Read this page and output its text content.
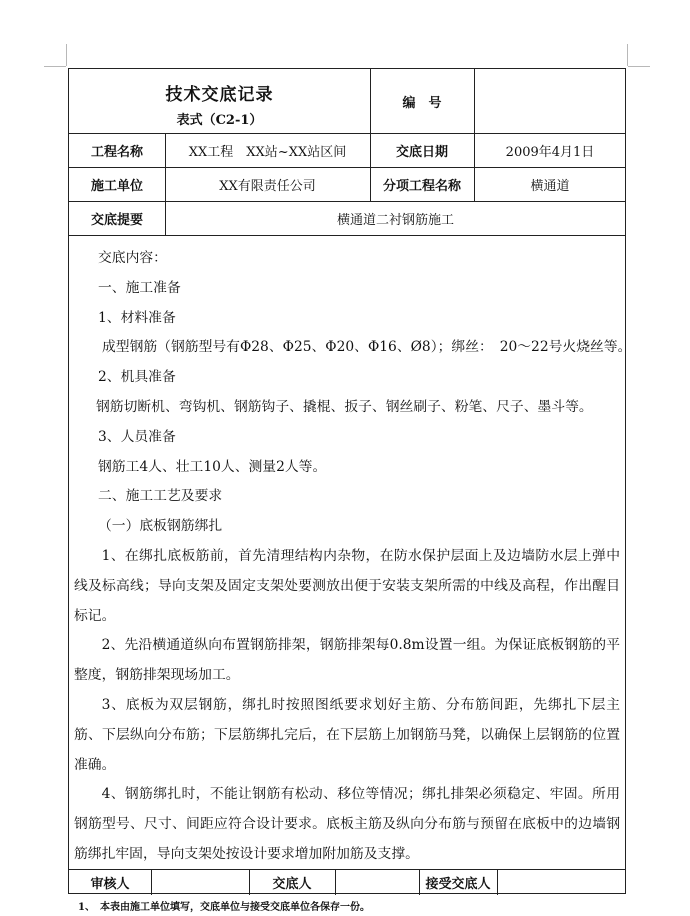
技术交底记录
表式（C2-1）
编　号
工程名称	XX工程　XX站~XX站区间	交底日期	2009年4月1日
施工单位	XX有限责任公司	分项工程名称	横通道
交底提要	横通道二衬钢筋施工
审核人	交底人	接受交底人

交底内容：

一、施工准备

1、材料准备

成型钢筋（钢筋型号有Φ28、Φ25、Φ20、Φ16、Ø8）；绑丝：　20～22号火烧丝等。

2、机具准备

钢筋切断机、弯钩机、钢筋钩子、撬棍、扳子、钢丝刷子、粉笔、尺子、墨斗等。

3、人员准备

钢筋工4人、壮工10人、测量2人等。

二、施工工艺及要求

（一）底板钢筋绑扎

1、在绑扎底板筋前，首先清理结构内杂物，在防水保护层面上及边墙防水层上弹中线及标高线；导向支架及固定支架处要测放出便于安装支架所需的中线及高程，作出醒目标记。

2、先沿横通道纵向布置钢筋排架，钢筋排架每0.8m设置一组。为保证底板钢筋的平整度，钢筋排架现场加工。

3、底板为双层钢筋，绑扎时按照图纸要求划好主筋、分布筋间距，先绑扎下层主筋、下层纵向分布筋；下层筋绑扎完后，在下层筋上加钢筋马凳，以确保上层钢筋的位置准确。

4、钢筋绑扎时，不能让钢筋有松动、移位等情况；绑扎排架必须稳定、牢固。所用钢筋型号、尺寸、间距应符合设计要求。底板主筋及纵向分布筋与预留在底板中的边墙钢筋绑扎牢固，导向支架处按设计要求增加附加筋及支撑。

1、　本表由施工单位填写，交底单位与接受交底单位各保存一份。
